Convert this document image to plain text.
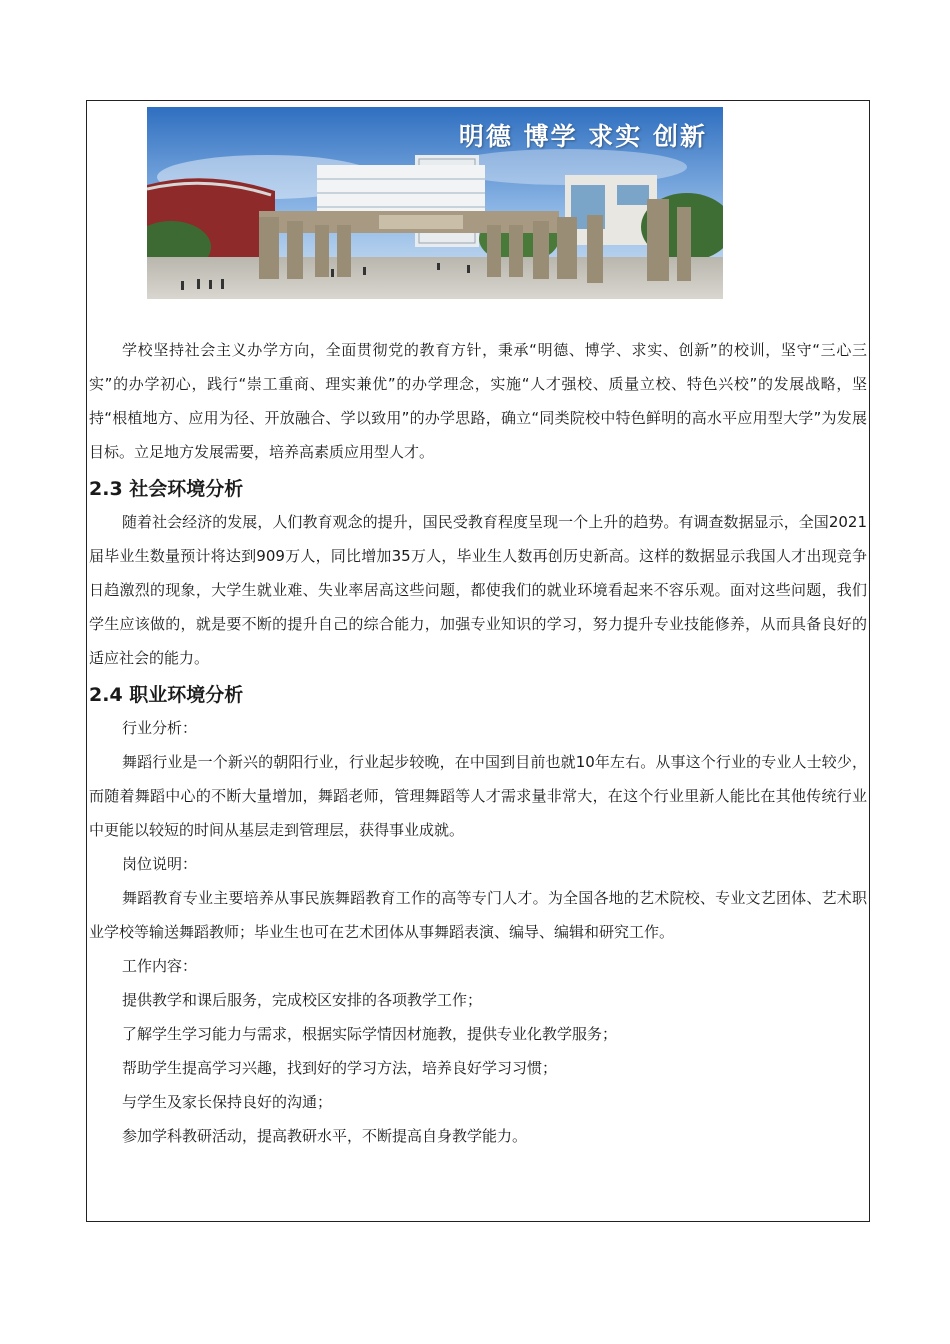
明德 博学 求实 创新

学校坚持社会主义办学方向，全面贯彻党的教育方针，秉承“明德、博学、求实、创新”的校训，坚守“三心三实”的办学初心，践行“崇工重商、理实兼优”的办学理念，实施“人才强校、质量立校、特色兴校”的发展战略，坚持“根植地方、应用为径、开放融合、学以致用”的办学思路，确立“同类院校中特色鲜明的高水平应用型大学”为发展目标。立足地方发展需要，培养高素质应用型人才。

2.3 社会环境分析

随着社会经济的发展，人们教育观念的提升，国民受教育程度呈现一个上升的趋势。有调查数据显示，全国2021届毕业生数量预计将达到909万人，同比增加35万人，毕业生人数再创历史新高。这样的数据显示我国人才出现竞争日趋激烈的现象，大学生就业难、失业率居高这些问题，都使我们的就业环境看起来不容乐观。面对这些问题，我们学生应该做的，就是要不断的提升自己的综合能力，加强专业知识的学习，努力提升专业技能修养，从而具备良好的适应社会的能力。

2.4 职业环境分析

行业分析：

舞蹈行业是一个新兴的朝阳行业，行业起步较晚，在中国到目前也就10年左右。从事这个行业的专业人士较少，而随着舞蹈中心的不断大量增加，舞蹈老师，管理舞蹈等人才需求量非常大，在这个行业里新人能比在其他传统行业中更能以较短的时间从基层走到管理层，获得事业成就。

岗位说明：

舞蹈教育专业主要培养从事民族舞蹈教育工作的高等专门人才。为全国各地的艺术院校、专业文艺团体、艺术职业学校等输送舞蹈教师；毕业生也可在艺术团体从事舞蹈表演、编导、编辑和研究工作。

工作内容：

提供教学和课后服务，完成校区安排的各项教学工作；

了解学生学习能力与需求，根据实际学情因材施教，提供专业化教学服务；

帮助学生提高学习兴趣，找到好的学习方法，培养良好学习习惯；

与学生及家长保持良好的沟通；

参加学科教研活动，提高教研水平，不断提高自身教学能力。
